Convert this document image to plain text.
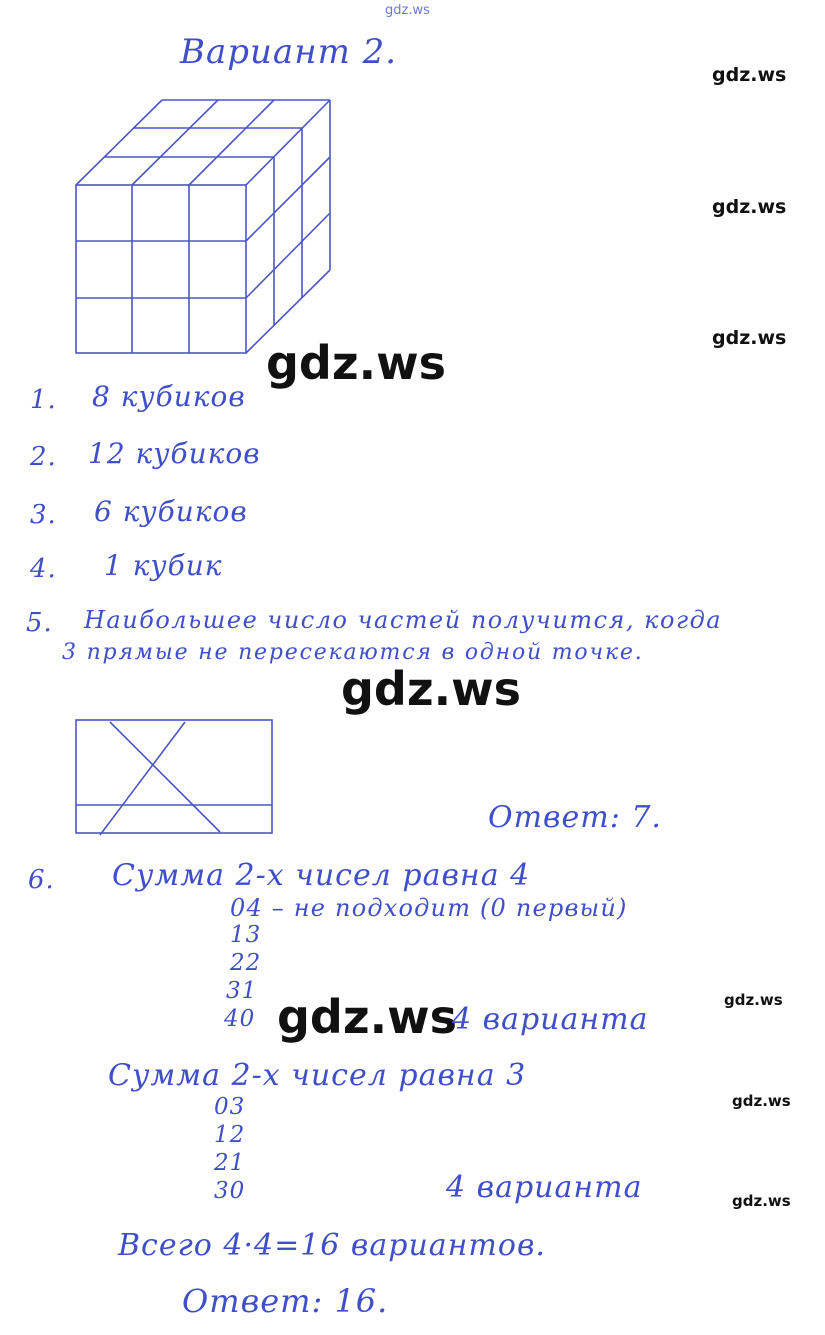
gdz.ws
gdz.ws
gdz.ws
gdz.ws
gdz.ws
gdz.ws
gdz.ws	gdz.ws
gdz.ws
gdz.ws
Вариант 2.
1. 8 кубиков
2. 12 кубиков
3. 6 кубиков
4. 1 кубик
5. Наибольшее число частей получится, когда
3 прямые не пересекаются в одной точке.
Ответ: 7.
6. Сумма 2-х чисел равна 4
04 – не подходит (0 первый)
13
22
31
40	4 варианта
Сумма 2-х чисел равна 3
03
12
21
30	4 варианта
Всего 4·4=16 вариантов.
Ответ: 16.
